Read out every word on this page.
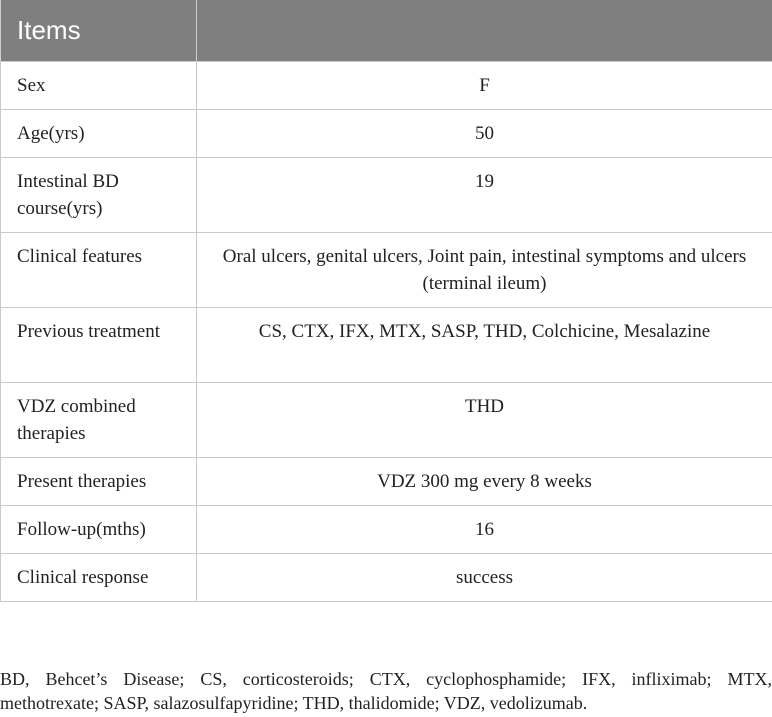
Items	
Sex	F
Age(yrs)	50
Intestinal BD course(yrs)	19
Clinical features	Oral ulcers, genital ulcers, Joint pain, intestinal symptoms and ulcers (terminal ileum)
Previous treatment	CS, CTX, IFX, MTX, SASP, THD, Colchicine, Mesalazine
VDZ combined therapies	THD
Present therapies	VDZ 300 mg every 8 weeks
Follow-up(mths)	16
Clinical response	success
BD, Behcet’s Disease; CS, corticosteroids; CTX, cyclophosphamide; IFX, infliximab; MTX, methotrexate; SASP, salazosulfapyridine; THD, thalidomide; VDZ, vedolizumab.
